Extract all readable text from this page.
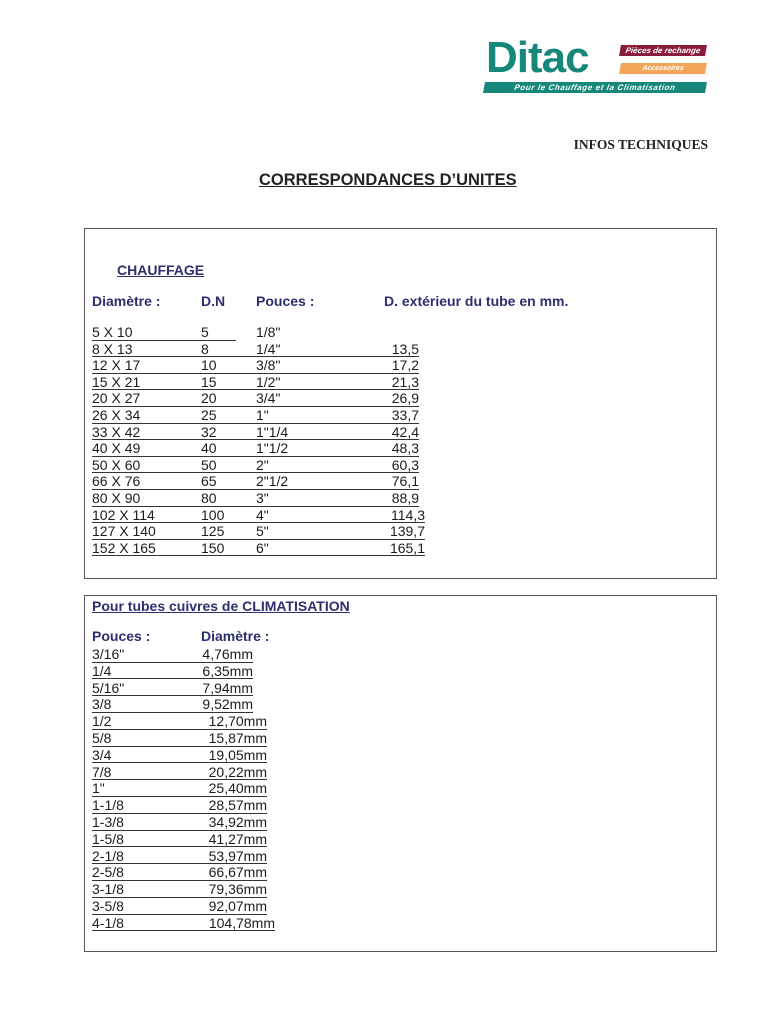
Ditac	Pièces de rechange
Accessoires
Pour le Chauffage et la Climatisation
INFOS TECHNIQUES
CORRESPONDANCES D’UNITES
CHAUFFAGE
Diamètre :	D.N Pouces :	D. extérieur du tube en mm.
5 X 10	5	1/8"
8 X 13	8	1/4"	13,5
12 X 17	10	3/8"	17,2
15 X 21	15	1/2"	21,3
20 X 27	20	3/4"	26,9
26 X 34	25	1"	33,7
33 X 42	32	1"1/4	42,4
40 X 49	40	1"1/2	48,3
50 X 60	50	2"	60,3
66 X 76	65	2"1/2	76,1
80 X 90	80	3"	88,9
102 X 114	100 4"	114,3
127 X 140	125 5"	139,7
152 X 165	150 6"	165,1
Pour tubes cuivres de CLIMATISATION
Pouces :	Diamètre :
3/16"	4,76mm
1/4	6,35mm
5/16"	7,94mm
3/8	9,52mm
1/2	12,70mm
5/8	15,87mm
3/4	19,05mm
7/8	20,22mm
1"	25,40mm
1-1/8	28,57mm
1-3/8	34,92mm
1-5/8	41,27mm
2-1/8	53,97mm
2-5/8	66,67mm
3-1/8	79,36mm
3-5/8	92,07mm
4-1/8	104,78mm
